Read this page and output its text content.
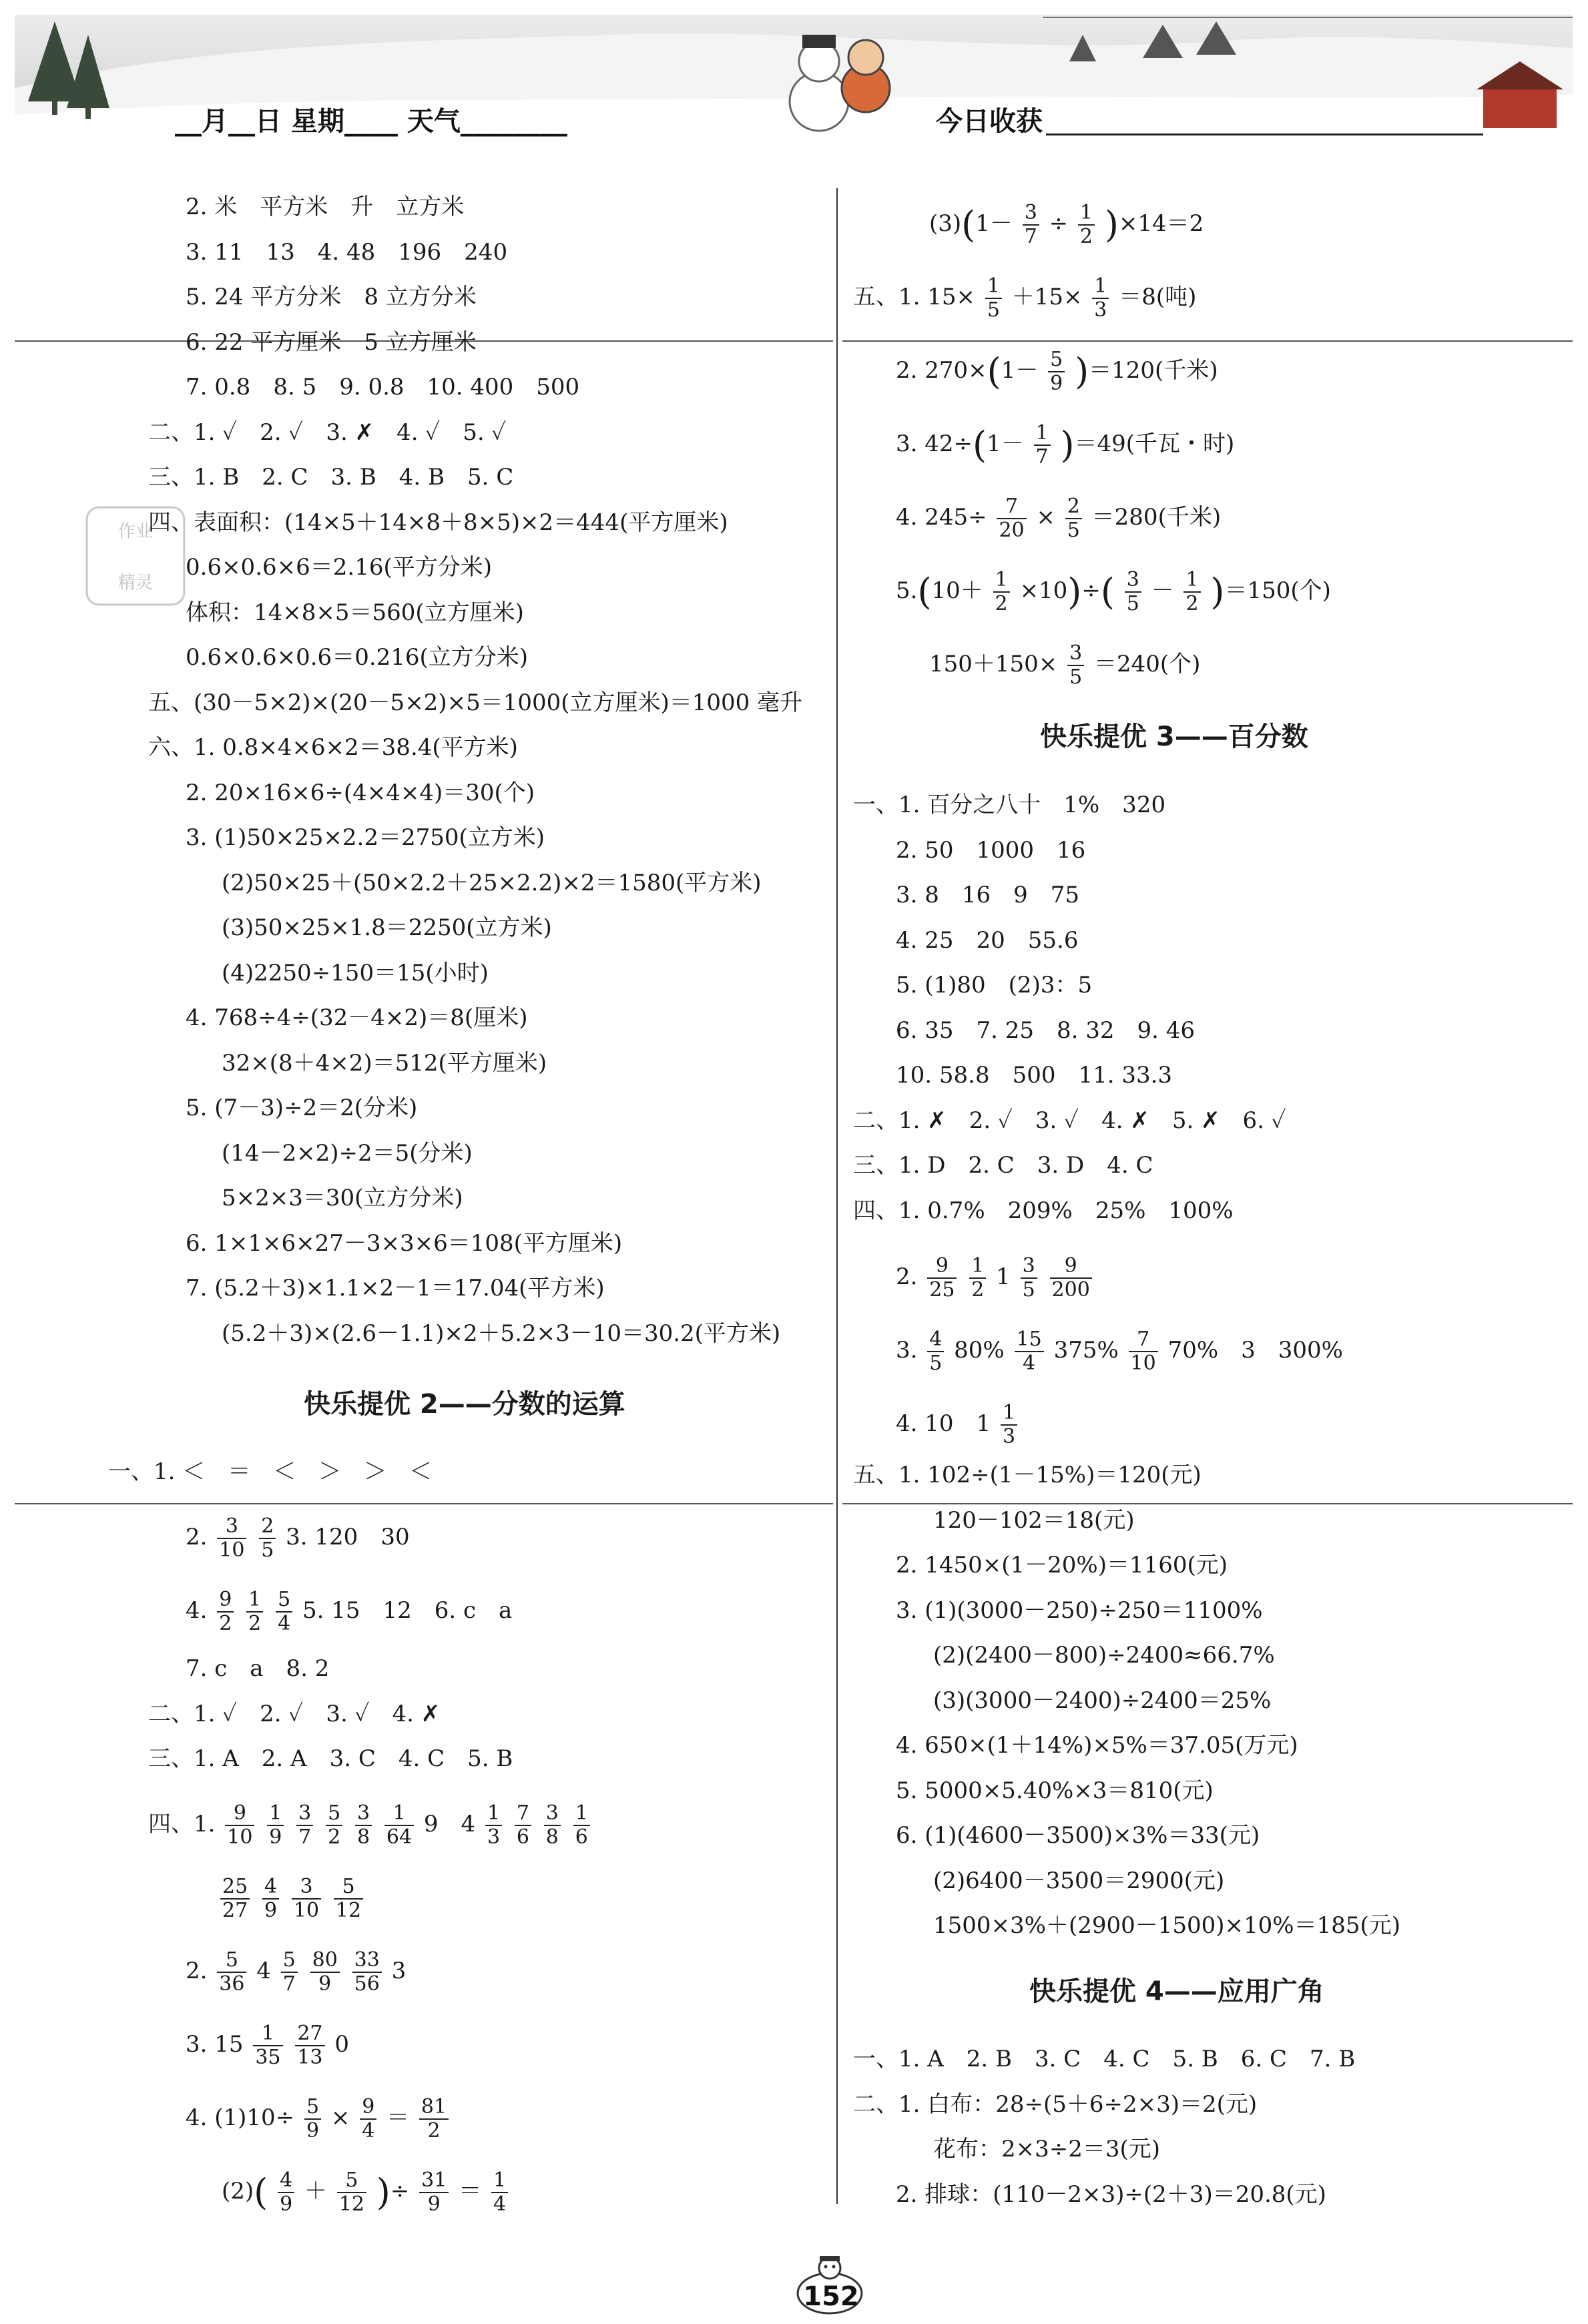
__月__日 星期____ 天气________	今日收获
作业
精灵
2. 米　平方米　升　立方米
3. 11　13　4. 48　196　240
5. 24 平方分米　8 立方分米
6. 22 平方厘米　5 立方厘米
7. 0.8　8. 5　9. 0.8　10. 400　500
二、1. ✓　2. ✓　3. ✗　4. ✓　5. ✓
三、1. B　2. C　3. B　4. B　5. C
四、表面积：(14×5＋14×8＋8×5)×2＝444(平方厘米)
0.6×0.6×6＝2.16(平方分米)
体积：14×8×5＝560(立方厘米)
0.6×0.6×0.6＝0.216(立方分米)
五、(30－5×2)×(20－5×2)×5＝1000(立方厘米)＝1000 毫升
六、1. 0.8×4×6×2＝38.4(平方米)
2. 20×16×6÷(4×4×4)＝30(个)
3. (1)50×25×2.2＝2750(立方米)
(2)50×25＋(50×2.2＋25×2.2)×2＝1580(平方米)
(3)50×25×1.8＝2250(立方米)
(4)2250÷150＝15(小时)
4. 768÷4÷(32－4×2)＝8(厘米)
32×(8＋4×2)＝512(平方厘米)
5. (7－3)÷2＝2(分米)
(14－2×2)÷2＝5(分米)
5×2×3＝30(立方分米)
6. 1×1×6×27－3×3×6＝108(平方厘米)
7. (5.2＋3)×1.1×2－1＝17.04(平方米)
(5.2＋3)×(2.6－1.1)×2＋5.2×3－10＝30.2(平方米)
快乐提优 2——分数的运算
一、1. ＜　＝　＜　＞　＞　＜
2. $\frac{3}{10}$
$\frac{2}{5} 3$. 120　30
4. $\frac{9}{2}$
$\frac{1}{2}$
$\frac{5}{4} 5$. 15　12　6. c　a
7. c　a　8. 2
二、1. ✓　2. ✓　3. ✓　4. ✗
三、1. A　2. A　3. C　4. C　5. B
四、1. $\frac{9}{10}$
$\frac{1}{9}$
$\frac{3}{7}$
$\frac{5}{2}$
$\frac{3}{8}$
$\frac{1}{64} 9$　$4 \frac{1}{3}$
$\frac{7}{6}$
$\frac{3}{8}$
$\frac{1}{6}$
$\frac{25}{27}$
$\frac{4}{9}$
$\frac{3}{10}$
$\frac{5}{12}$
2. $\frac{5}{36} 4 \frac{5}{7}$
$\frac{80}{9}$
$\frac{33}{56} 3$
3. $15 \frac{1}{35}$
$\frac{27}{13} 0$
4. $(1)10\div \frac{5}{9} \times \frac{9}{4} = \frac{81}{2}$
$(2)( \frac{4}{9} + \frac{5}{12}$ )÷ $\frac{31}{9} = \frac{1}{4}$
$(3)(1- \frac{3}{7} \div \frac{1}{2} )\times 14=2$
五、1. $15\times \frac{1}{5} +15\times \frac{1}{3} =8$(吨)
2. $270\times(1- \frac{5}{9} )=120$(千米)
3. $42\div(1- \frac{1}{7} )=49$(千瓦・时)
4. $245\div \frac{7}{20} \times \frac{2}{5} =280$(千米)
$5.(10+ \frac{1}{2} \times 10)\div( \frac{3}{5} - \frac{1}{2} )=150$(个)
$150+150\times \frac{3}{5} =240$(个)
快乐提优 3——百分数
一、1. 百分之八十　1%　320
2. 50　1000　16
3. 8　16　9　75
4. 25　20　55.6
5. (1)80　(2)3：5
6. 35　7. 25　8. 32　9. 46
10. 58.8　500　11. 33.3
二、1. ✗　2. ✓　3. ✓　4. ✗　5. ✗　6. ✓
三、1. D　2. C　3. D　4. C
四、1. 0.7%　209%　25%　100%
2. $\frac{9}{25}$
$\frac{1}{2} 1 \frac{3}{5}$
$\frac{9}{200}$
3. $\frac{4}{5} 80\% \frac{15}{4} 375\% \frac{7}{10} 70\%$　3　300%
4. 10　$1 \frac{1}{3}$
五、1. 102÷(1－15%)＝120(元)
120－102＝18(元)
2. 1450×(1－20%)＝1160(元)
3. (1)(3000－250)÷250＝1100%
(2)(2400－800)÷2400≈66.7%
(3)(3000－2400)÷2400＝25%
4. 650×(1＋14%)×5%＝37.05(万元)
5. 5000×5.40%×3＝810(元)
6. (1)(4600－3500)×3%＝33(元)
(2)6400－3500＝2900(元)
1500×3%＋(2900－1500)×10%＝185(元)
快乐提优 4——应用广角
一、1. A　2. B　3. C　4. C　5. B　6. C　7. B
二、1. 白布：28÷(5＋6÷2×3)＝2(元)
花布：2×3÷2＝3(元)
2. 排球：(110－2×3)÷(2＋3)＝20.8(元)
152
